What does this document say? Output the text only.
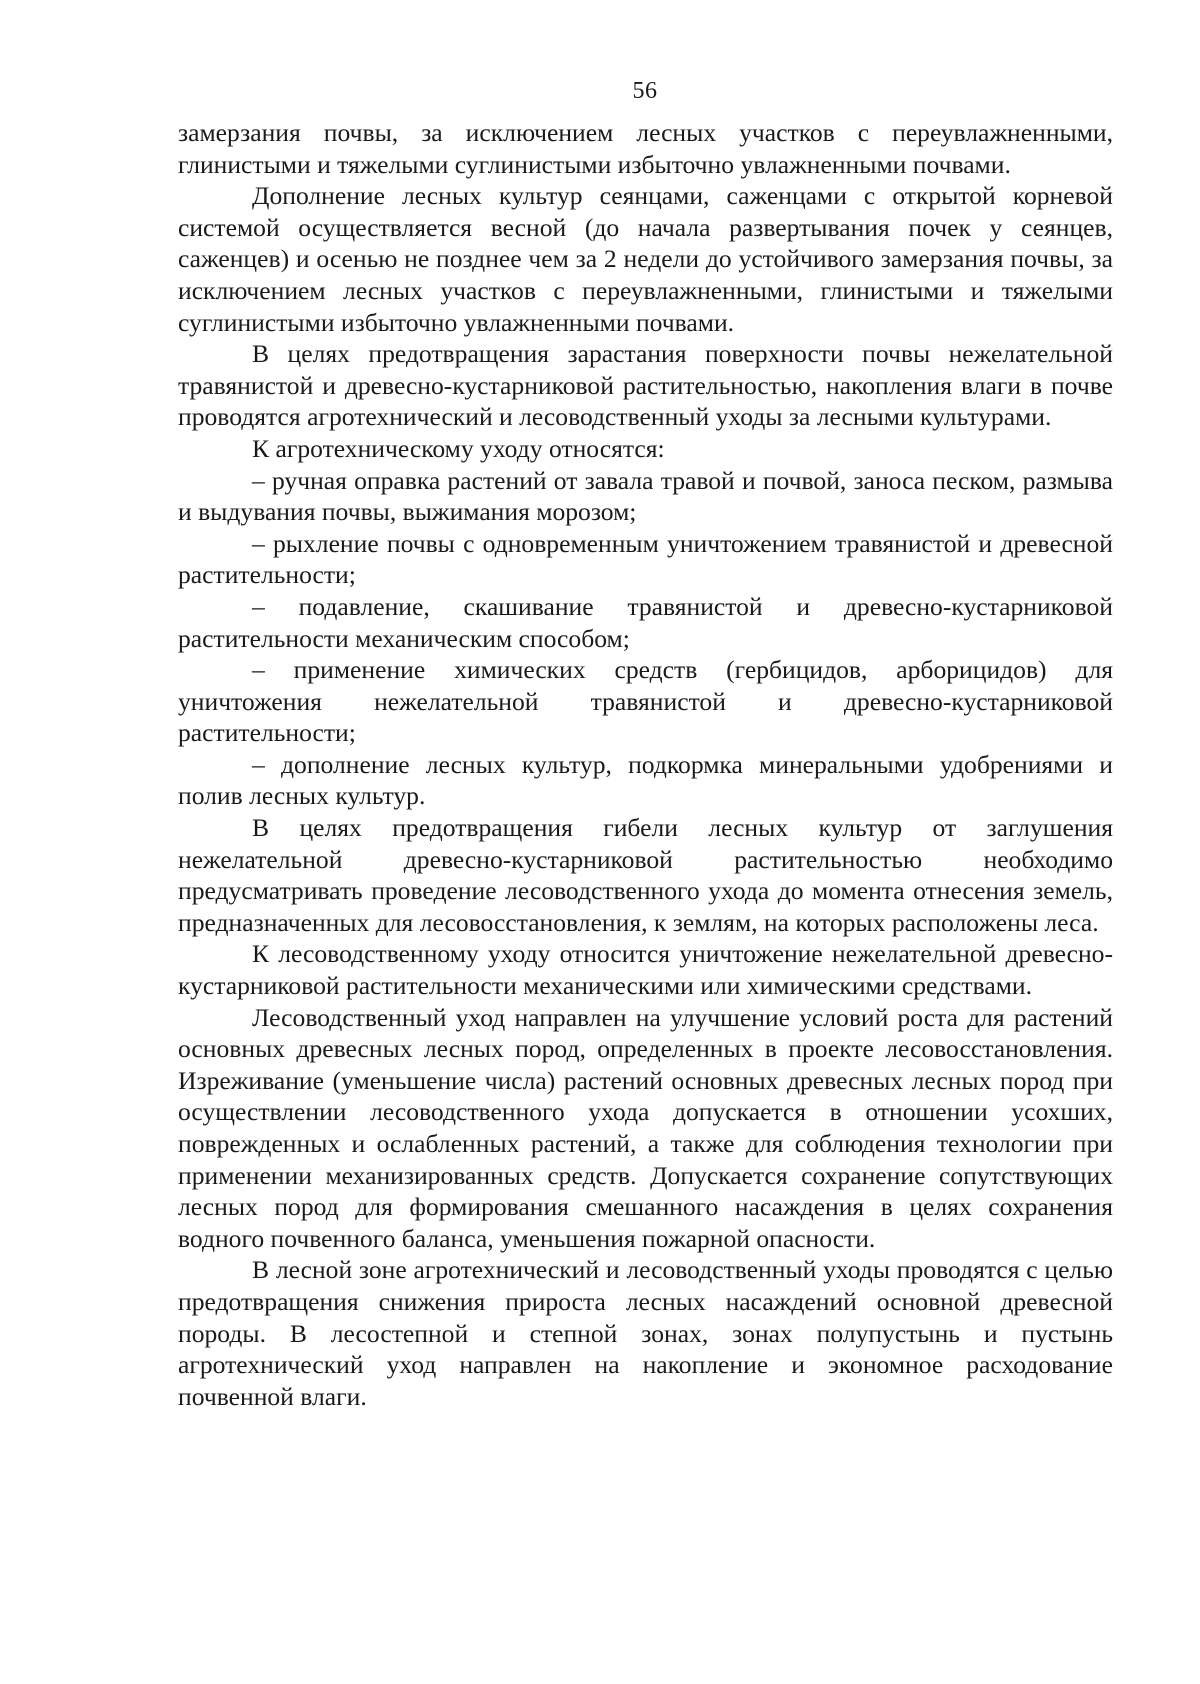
56

замерзания почвы, за исключением лесных участков с переувлажненными, глинистыми и тяжелыми суглинистыми избыточно увлажненными почвами.

Дополнение лесных культур сеянцами, саженцами с открытой корневой системой осуществляется весной (до начала развертывания почек у сеянцев, саженцев) и осенью не позднее чем за 2 недели до устойчивого замерзания почвы, за исключением лесных участков с переувлажненными, глинистыми и тяжелыми суглинистыми избыточно увлажненными почвами.

В целях предотвращения зарастания поверхности почвы нежелательной травянистой и древесно-кустарниковой растительностью, накопления влаги в почве проводятся агротехнический и лесоводственный уходы за лесными культурами.

К агротехническому уходу относятся:

– ручная оправка растений от завала травой и почвой, заноса песком, размыва и выдувания почвы, выжимания морозом;

– рыхление почвы с одновременным уничтожением травянистой и древесной растительности;

– подавление, скашивание травянистой и древесно-кустарниковой растительности механическим способом;

– применение химических средств (гербицидов, арборицидов) для уничтожения нежелательной травянистой и древесно-кустарниковой растительности;

– дополнение лесных культур, подкормка минеральными удобрениями и полив лесных культур.

В целях предотвращения гибели лесных культур от заглушения нежелательной древесно-кустарниковой растительностью необходимо предусматривать проведение лесоводственного ухода до момента отнесения земель, предназначенных для лесовосстановления, к землям, на которых расположены леса.

К лесоводственному уходу относится уничтожение нежелательной древесно-кустарниковой растительности механическими или химическими средствами.

Лесоводственный уход направлен на улучшение условий роста для растений основных древесных лесных пород, определенных в проекте лесовосстановления. Изреживание (уменьшение числа) растений основных древесных лесных пород при осуществлении лесоводственного ухода допускается в отношении усохших, поврежденных и ослабленных растений, а также для соблюдения технологии при применении механизированных средств. Допускается сохранение сопутствующих лесных пород для формирования смешанного насаждения в целях сохранения водного почвенного баланса, уменьшения пожарной опасности.

В лесной зоне агротехнический и лесоводственный уходы проводятся с целью предотвращения снижения прироста лесных насаждений основной древесной породы. В лесостепной и степной зонах, зонах полупустынь и пустынь агротехнический уход направлен на накопление и экономное расходование почвенной влаги.
